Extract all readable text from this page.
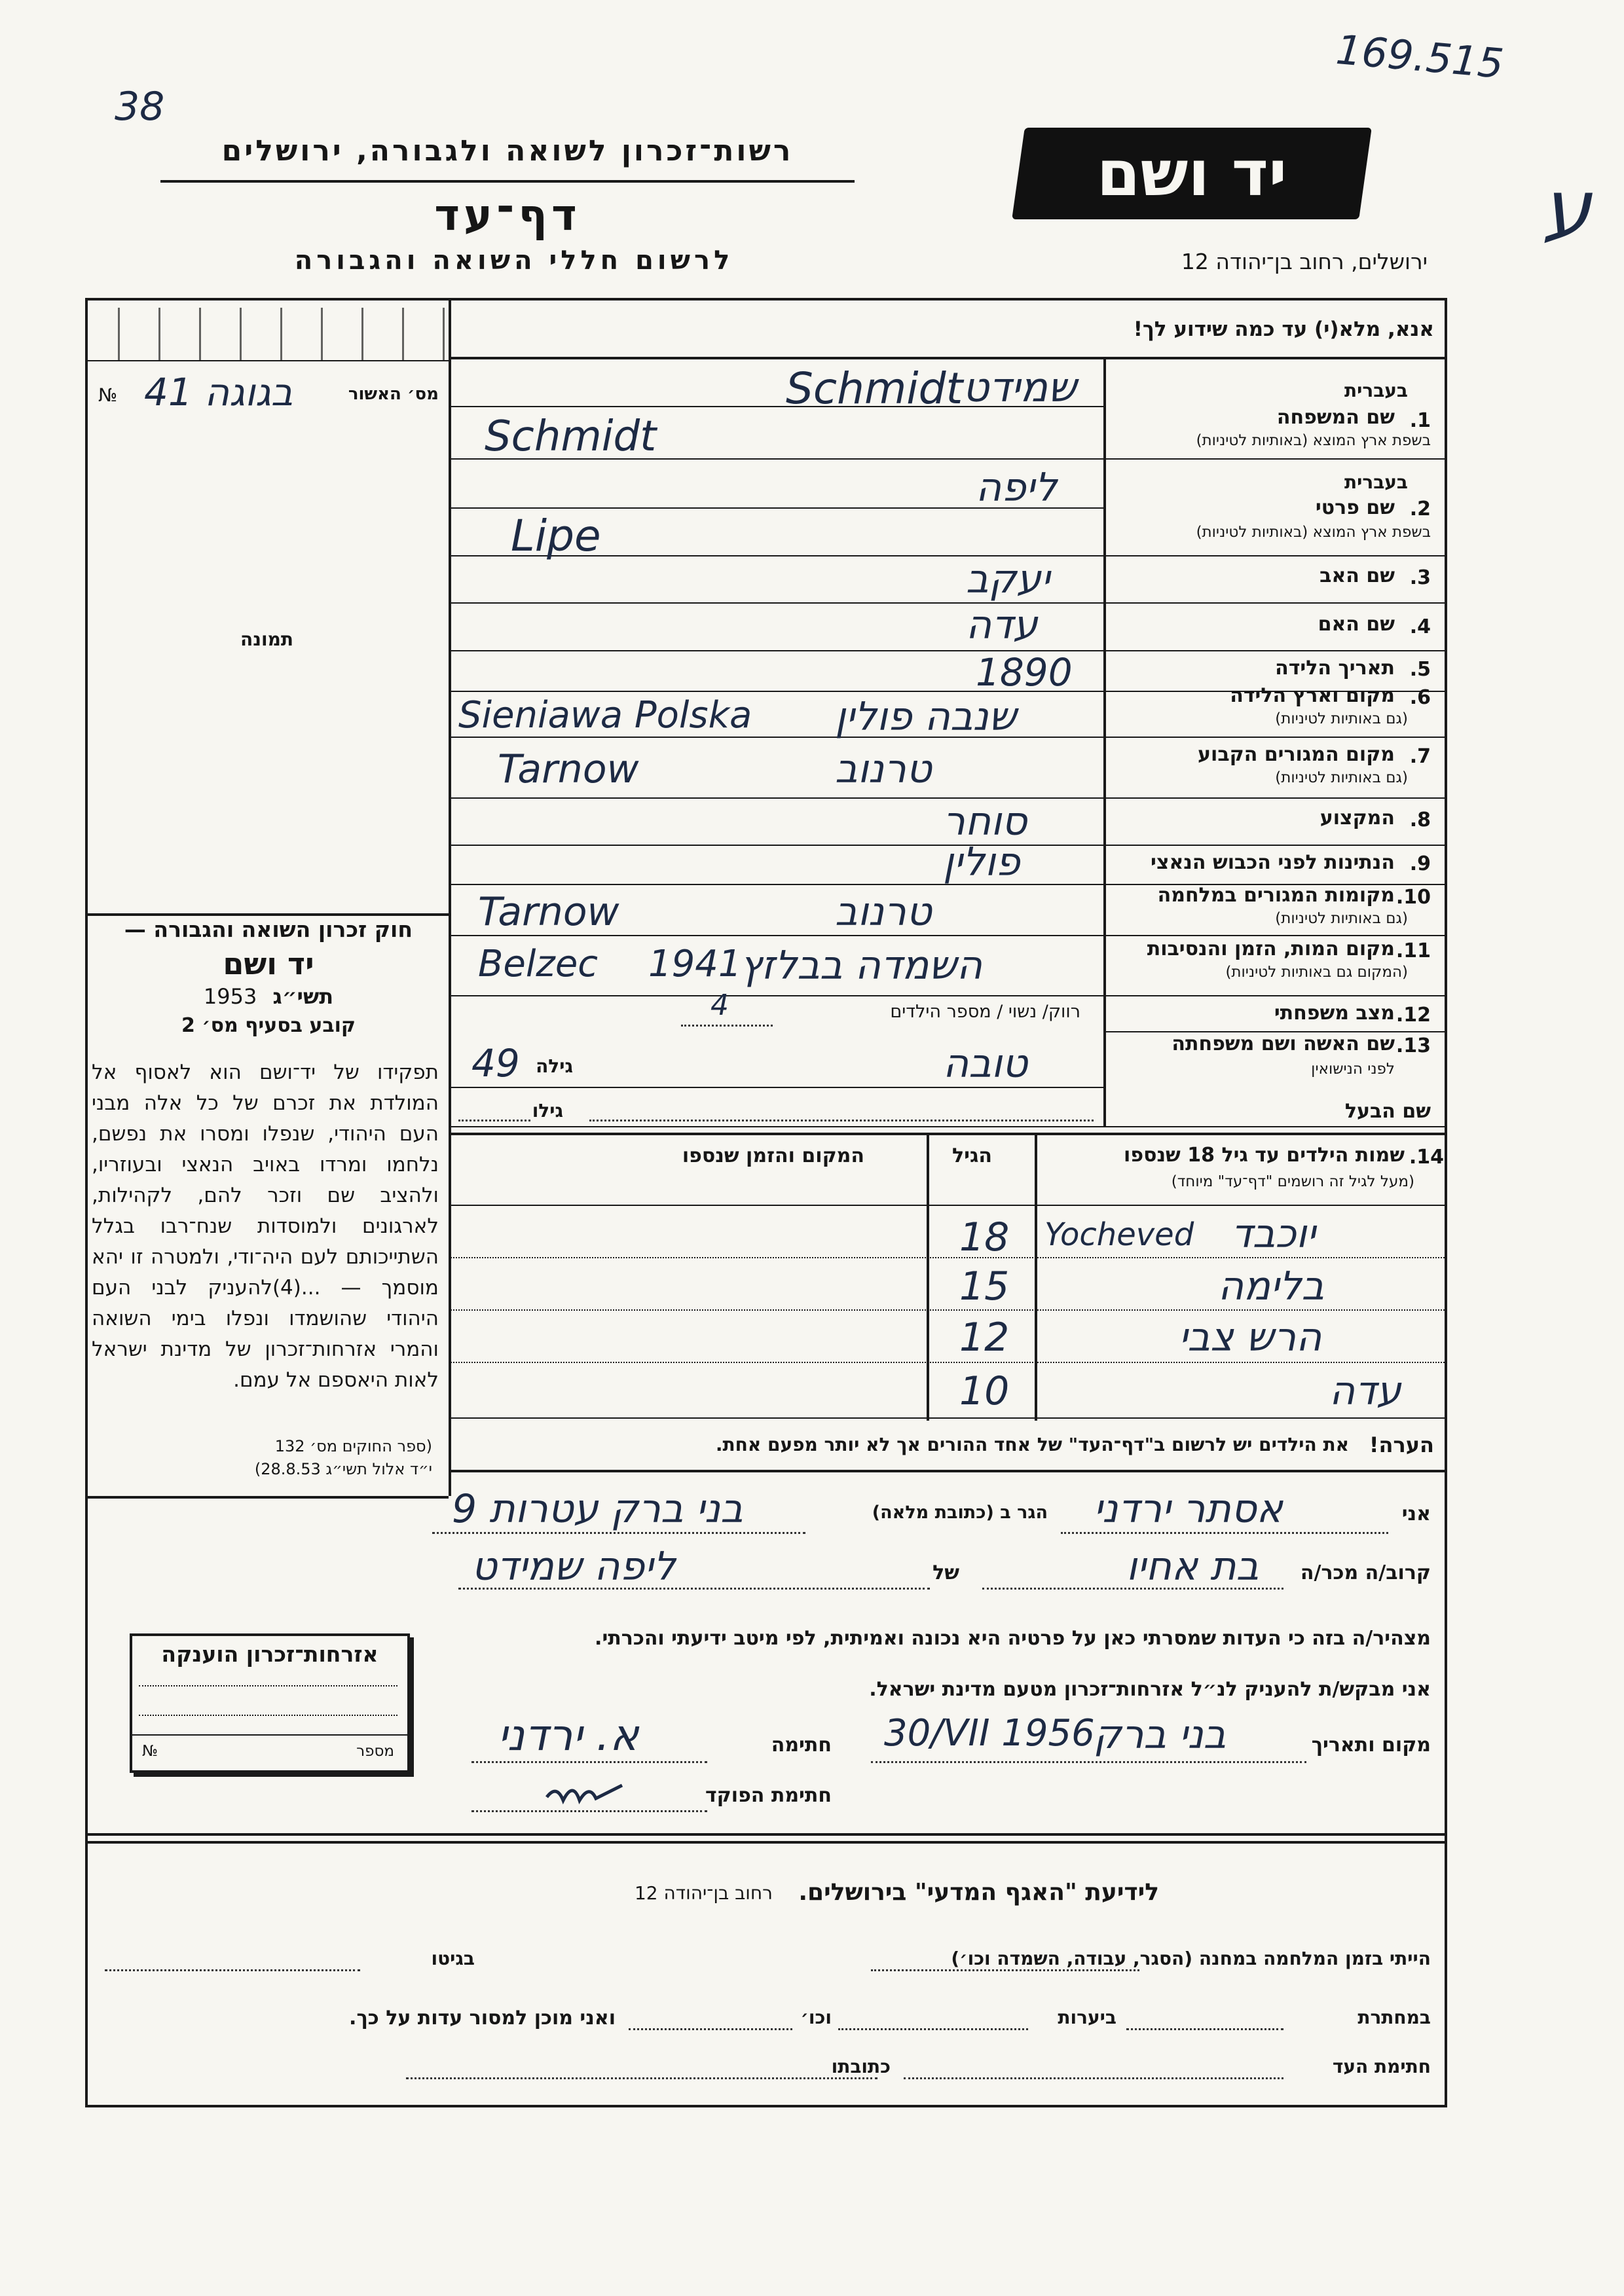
169.515
38
ע
רשות־זכרון לשואה ולגבורה, ירושלים	יד ושם
דף־עד
לרשום חללי השואה והגבורה	ירושלים, רחוב בן־יהודה 12
№ 41 בגוגה	מס׳ האשור
תמונה
חוק זכרון השואה והגבורה —
יד ושם
1953 תשי״ג
קובע בסעיף מס׳ 2
תפקידו של יד־ושם הוא לאסוף אל המולדת את זכרם של כל אלה מבני העם היהודי, שנפלו ומסרו את נפשם, נלחמו ומרדו באויב הנאצי ובעוזריו, ולהציב שם וזכר להם, לקהילות, לארגונים ולמוסדות שנח־רבו בגלל השתייכותם לעם היה־ודי, ולמטרה זו יהא מוסמך — ...(4)להעניק לבני העם היהודי שהושמדו ונפלו בימי השואה והמרי אזרחות־זכרון של מדינת ישראל לאות היאספם אל עמם.
(ספר החוקים מס׳ 132
י״ד אלול תשי״ג 28.8.53)
אזרחות־זכרון הוענקה
№	מספר
אנא, מלא(י) עד כמה שידוע לך!
בעברית
1.
שם המשפחה
בשפת ארץ המוצא (באותיות לטיניות)
Schmidt שמידט
Schmidt
בעברית
2.
שם פרטי
בשפת ארץ המוצא (באותיות לטיניות)
ליפה
Lipe
3.
שם האב
יעקב
4.
שם האם
עדה
5.
תאריך הלידה
1890
6.
מקום וארץ הלידה
(גם באותיות לטיניות)
Sieniawa Polska שנבה פולין
7.
מקום המגורים הקבוע
(גם באותיות לטיניות)
Tarnow	טרנוב
8.
המקצוע
סוחר
9.
הנתינות לפני הכבוש הנאצי
פולין
10.
מקומות המגורים במלחמה
(גם באותיות לטיניות)
Tarnow	טרנוב
11.
מקום המות, הזמן והנסיבות
(המקום גם באותיות לטיניות)
Belzec 1941
השמדה בבלזץ
12.
מצב משפחתי
רווק/ נשוי / מספר הילדים
4
13.
שם האשה ושם משפחתה
לפני הנישואין
49 גילה	טובה
גילו	שם הבעל
14.
שמות הילדים עד גיל 18 שנספו
(מעל לגיל זה רושמים "דף־עד" מיוחד)
הגיל
המקום והזמן שנספו
יוכבד
Yocheved
18
בלימה
15
הרש צבי
12
עדה
10
הערה!
את הילדים יש לרשום ב"דף־העד" של אחד ההורים אך לא יותר מפעם אחת.
אני
אסתר ירדני
הגר ב (כתובת מלאה)
בני ברק עטרות 9
קרוב/ה מכר/ה
בת אחיו
של
ליפה שמידט
מצהיר/ה בזה כי העדות שמסרתי כאן על פרטיה היא נכונה ואמיתית, לפי מיטב ידיעתי והכרתי.
אני מבקש/ת להעניק לנ״ל אזרחות־זכרון מטעם מדינת ישראל.
מקום ותאריך
30/VII 1956
בני ברק
חתימה
א. ירדני
חתימת הפוקד
לידיעת "האגף המדעי" בירושלים.
רחוב בן־יהודה 12
הייתי בזמן המלחמה במחנה (הסגר, עבודה, השמדה וכו׳)
בגיטו
במחתרת
ביערות
וכו׳
ואני מוכן למסור עדות על כך.
חתימת העד
כתובתו
